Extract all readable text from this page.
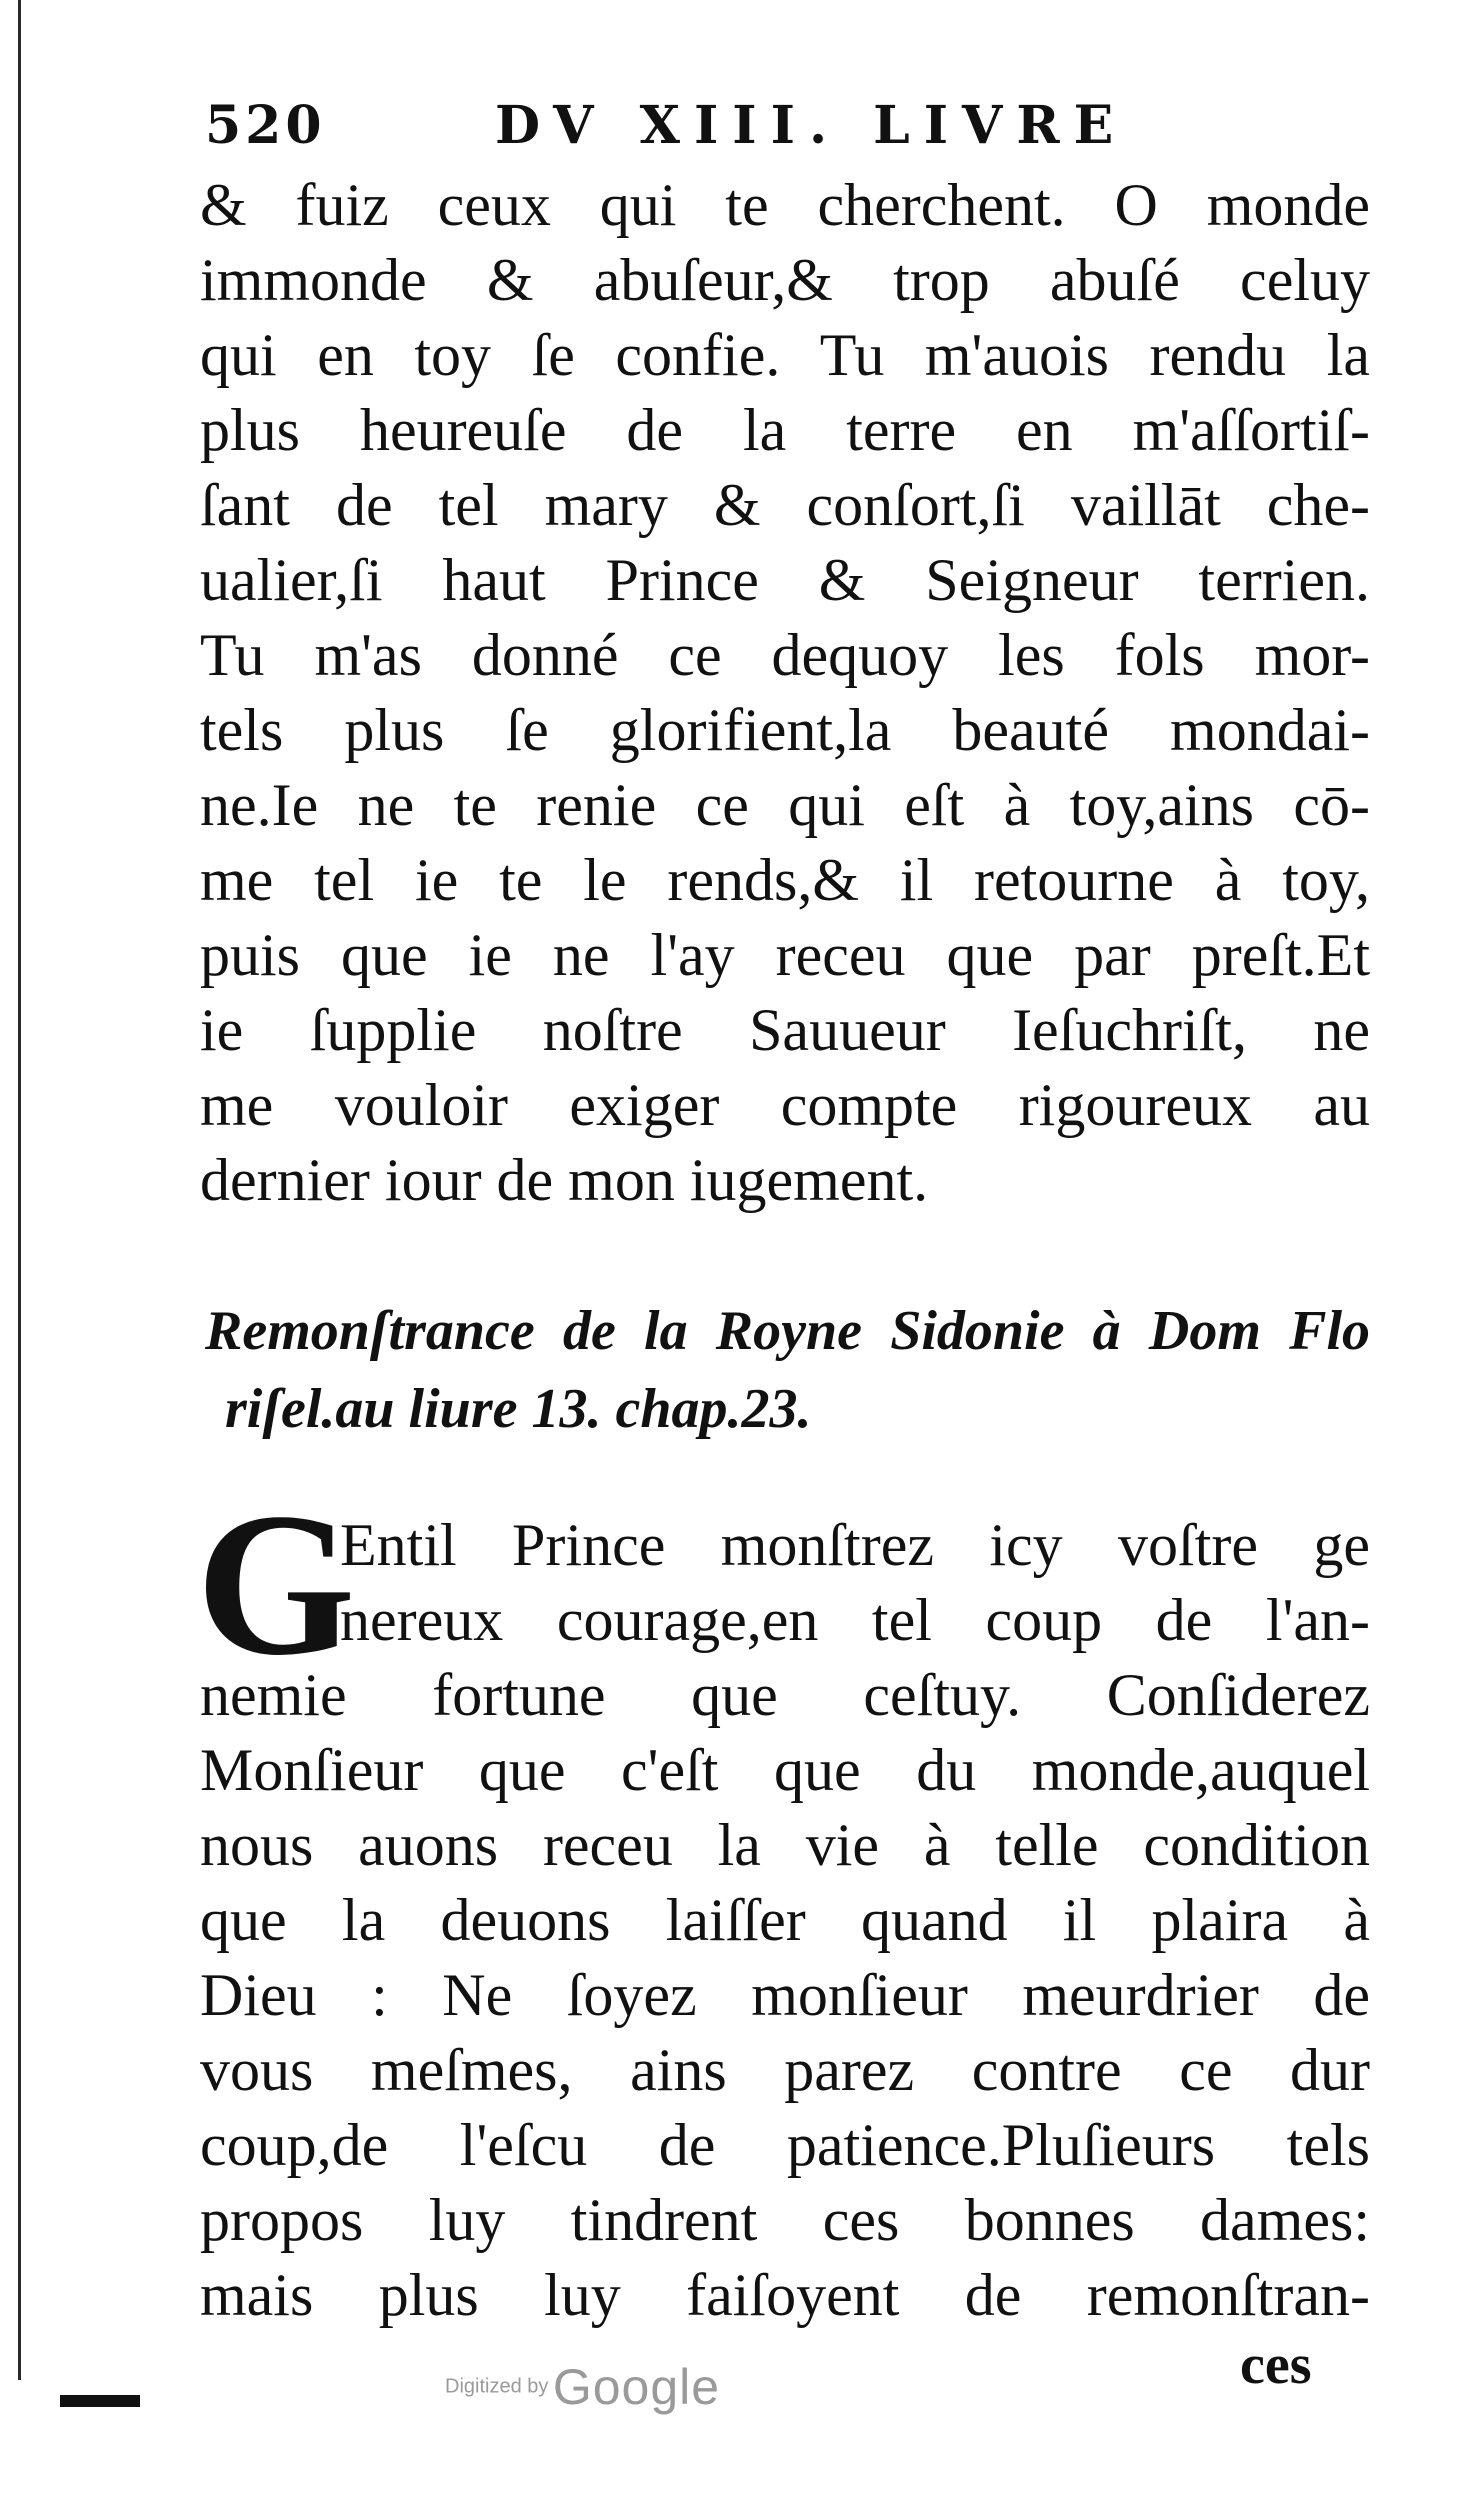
520	DV XIII. LIVRE
& fuiz ceux qui te cherchent. O monde
immonde & abuſeur,& trop abuſé celuy
qui en toy ſe confie. Tu m'auois rendu la
plus heureuſe de la terre en m'aſſortiſ-
ſant de tel mary & conſort,ſi vaillāt che-
ualier,ſi haut Prince & Seigneur terrien.
Tu m'as donné ce dequoy les fols mor-
tels plus ſe glorifient,la beauté mondai-
ne.Ie ne te renie ce qui eſt à toy,ains cō-
me tel ie te le rends,& il retourne à toy,
puis que ie ne l'ay receu que par preſt.Et
ie ſupplie noſtre Sauueur Ieſuchriſt, ne
me vouloir exiger compte rigoureux au
dernier iour de mon iugement.
Remonſtrance de la Royne Sidonie à Dom Flo
riſel.au liure 13. chap.23.
G
Entil Prince monſtrez icy voſtre ge
nereux courage,en tel coup de l'an-
nemie fortune que ceſtuy. Conſiderez
Monſieur que c'eſt que du monde,auquel
nous auons receu la vie à telle condition
que la deuons laiſſer quand il plaira à
Dieu : Ne ſoyez monſieur meurdrier de
vous meſmes, ains parez contre ce dur
coup,de l'eſcu de patience.Pluſieurs tels
propos luy tindrent ces bonnes dames:
mais plus luy faiſoyent de remonſtran-
ces
Digitized by Google
